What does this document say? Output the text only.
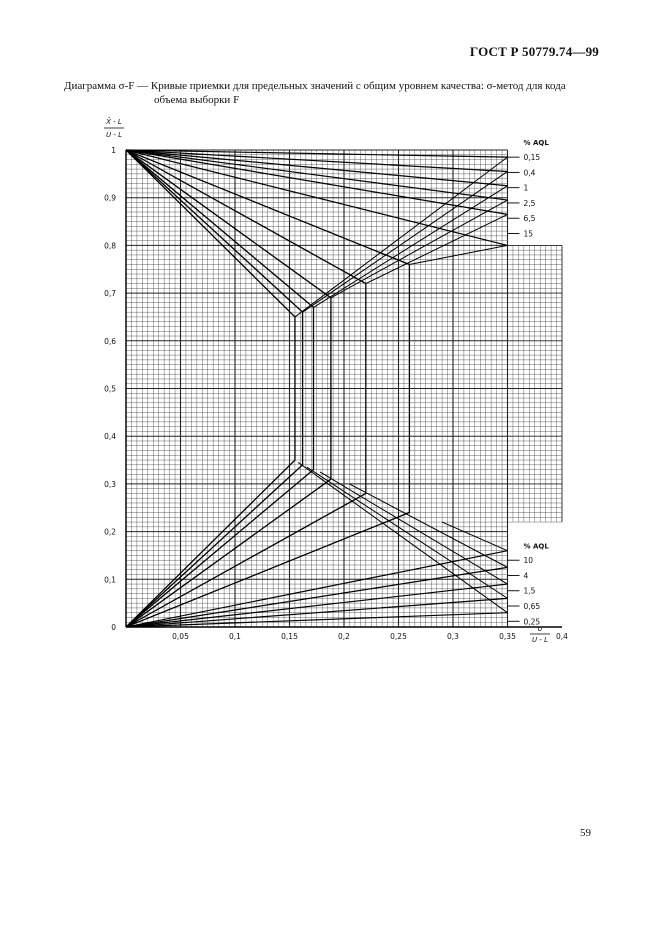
ГОСТ Р 50779.74—99
Диаграмма σ-F — Кривые приемки для предельных значений с общим уровнем качества: σ-метод для кода
объема выборки F
0
0,1
0,2
0,3
0,4
0,5
0,6
0,7
0,8
0,9
1
0,05	0,1	0,15	0,2	0,25	0,3	0,35	0,4
X̄ - L
U - L
σ
U - L
% AQL
0,15
0,4
1
2,5
6,5
15
% AQL
10
4
1,5
0,65
0,25
59
